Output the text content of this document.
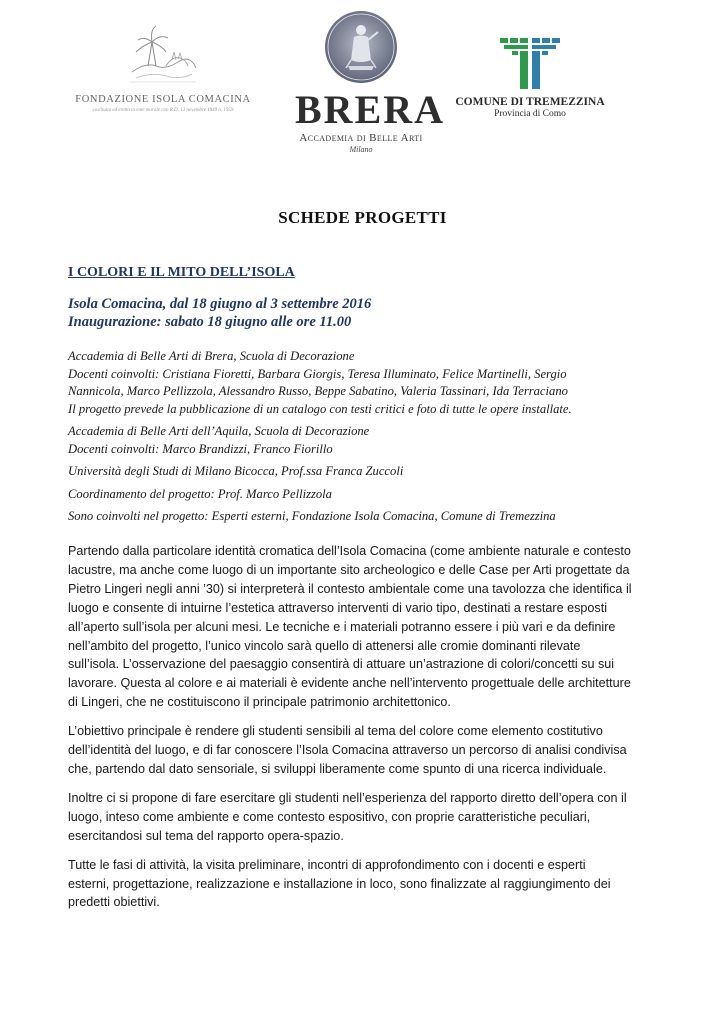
FONDAZIONE ISOLA COMACINA
costituita ed eretta in ente morale con R.D. 13 novembre 1940 n. 1959	BRERA
Accademia di Belle Arti
Milano
COMUNE DI TREMEZZINA
Provincia di Como
SCHEDE PROGETTI
I COLORI E IL MITO DELL’ISOLA
Isola Comacina, dal 18 giugno al 3 settembre 2016
Inaugurazione: sabato 18 giugno alle ore 11.00

Accademia di Belle Arti di Brera, Scuola di Decorazione

Docenti coinvolti: Cristiana Fioretti, Barbara Giorgis, Teresa Illuminato, Felice Martinelli, Sergio

Nannicola, Marco Pellizzola, Alessandro Russo, Beppe Sabatino, Valeria Tassinari, Ida Terraciano

Il progetto prevede la pubblicazione di un catalogo con testi critici e foto di tutte le opere installate.

Accademia di Belle Arti dell’Aquila, Scuola di Decorazione

Docenti coinvolti: Marco Brandizzi, Franco Fiorillo

Università degli Studi di Milano Bicocca, Prof.ssa Franca Zuccoli

Coordinamento del progetto: Prof. Marco Pellizzola

Sono coinvolti nel progetto: Esperti esterni, Fondazione Isola Comacina, Comune di Tremezzina

Partendo dalla particolare identità cromatica dell’Isola Comacina (come ambiente naturale e contesto
lacustre, ma anche come luogo di un importante sito archeologico e delle Case per Arti progettate da
Pietro Lingeri negli anni ’30) si interpreterà il contesto ambientale come una tavolozza che identifica il
luogo e consente di intuirne l’estetica attraverso interventi di vario tipo, destinati a restare esposti
all’aperto sull’isola per alcuni mesi. Le tecniche e i materiali potranno essere i più vari e da definire
nell’ambito del progetto, l’unico vincolo sarà quello di attenersi alle cromie dominanti rilevate
sull’isola. L’osservazione del paesaggio consentirà di attuare un’astrazione di colori/concetti su sui
lavorare. Questa al colore e ai materiali è evidente anche nell’intervento progettuale delle architetture
di Lingeri, che ne costituiscono il principale patrimonio architettonico.

L’obiettivo principale è rendere gli studenti sensibili al tema del colore come elemento costitutivo
dell’identità del luogo, e di far conoscere l’Isola Comacina attraverso un percorso di analisi condivisa
che, partendo dal dato sensoriale, si sviluppi liberamente come spunto di una ricerca individuale.

Inoltre ci si propone di fare esercitare gli studenti nell’esperienza del rapporto diretto dell’opera con il
luogo, inteso come ambiente e come contesto espositivo, con proprie caratteristiche peculiari,
esercitandosi sul tema del rapporto opera-spazio.

Tutte le fasi di attività, la visita preliminare, incontri di approfondimento con i docenti e esperti
esterni, progettazione, realizzazione e installazione in loco, sono finalizzate al raggiungimento dei
predetti obiettivi.
